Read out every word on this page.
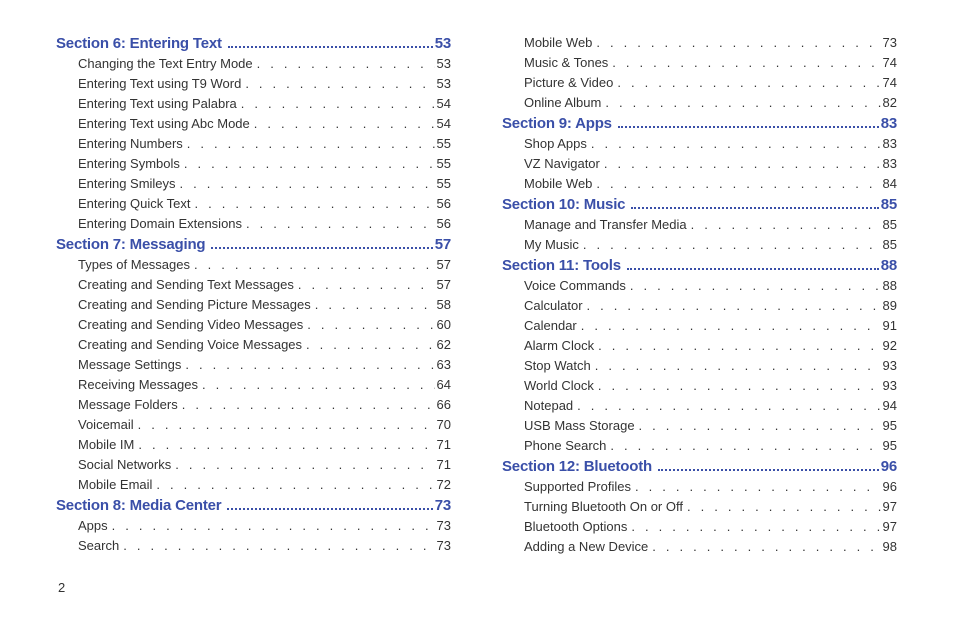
Section 6: Entering Text	53
Changing the Text Entry Mode . . .	53
Entering Text using T9 Word . . .	53
Entering Text using Palabra . . .	54
Entering Text using Abc Mode . . .	54
Entering Numbers . . .	55
Entering Symbols . . .	55
Entering Smileys . . .	55
Entering Quick Text . . .	56
Entering Domain Extensions . . .	56
Section 7: Messaging	57
Types of Messages . . .	57
Creating and Sending Text Messages . . .	57
Creating and Sending Picture Messages . . .	58
Creating and Sending Video Messages . . .	60
Creating and Sending Voice Messages . . .	62
Message Settings . . .	63
Receiving Messages . . .	64
Message Folders . . .	66
Voicemail . . .	70
Mobile IM . . .	71
Social Networks . . .	71
Mobile Email . . .	72
Section 8: Media Center	73
Apps . . .	73
Search . . .	73
Mobile Web . . .	73
Music & Tones . . .	74
Picture & Video . . .	74
Online Album . . .	82
Section 9: Apps	83
Shop Apps . . .	83
VZ Navigator . . .	83
Mobile Web . . .	84
Section 10: Music	85
Manage and Transfer Media . . .	85
My Music . . .	85
Section 11: Tools	88
Voice Commands . . .	88
Calculator . . .	89
Calendar . . .	91
Alarm Clock . . .	92
Stop Watch . . .	93
World Clock . . .	93
Notepad . . .	94
USB Mass Storage . . .	95
Phone Search . . .	95
Section 12: Bluetooth	96
Supported Profiles . . .	96
Turning Bluetooth On or Off . . .	97
Bluetooth Options . . .	97
Adding a New Device . . .	98
2
